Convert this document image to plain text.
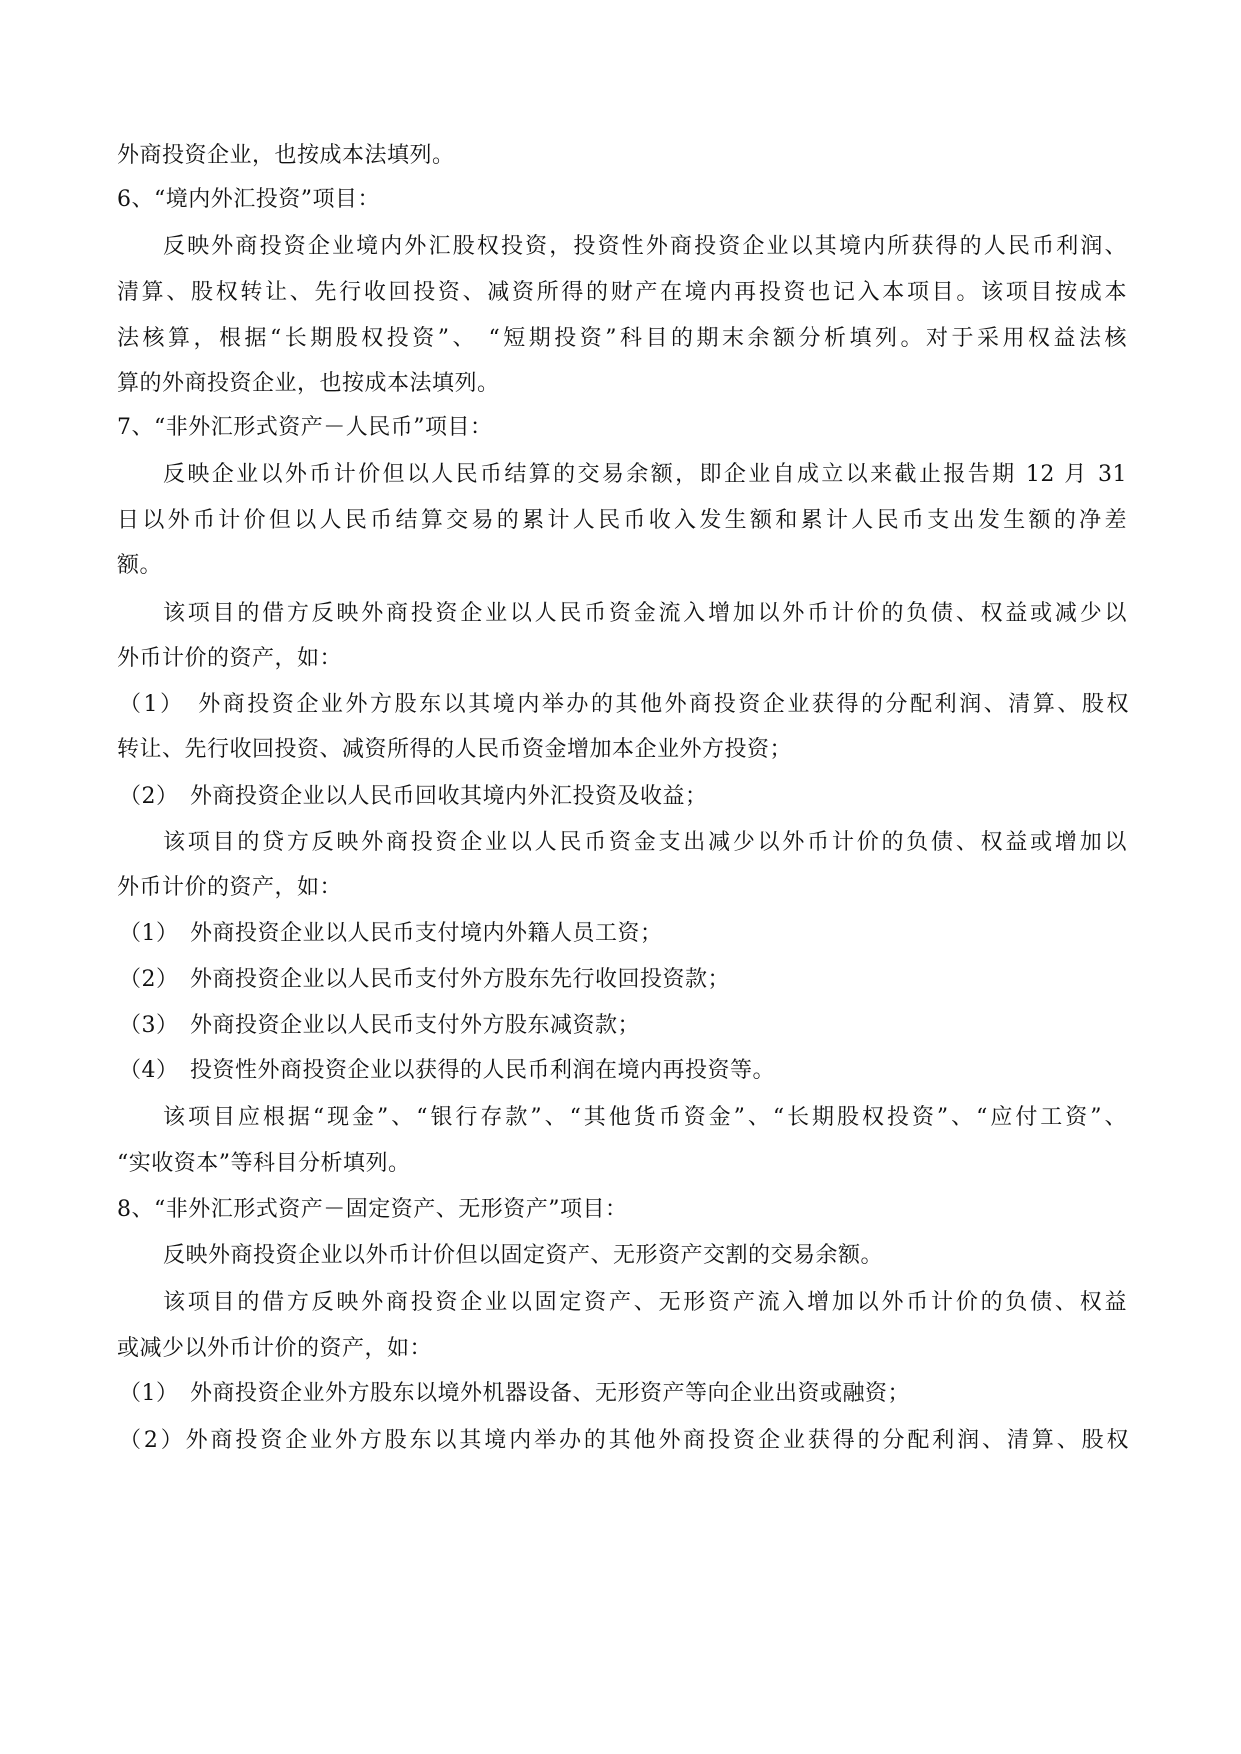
外商投资企业，也按成本法填列。
6、“境内外汇投资”项目：
反映外商投资企业境内外汇股权投资，投资性外商投资企业以其境内所获得的人民币利润、
清算、股权转让、先行收回投资、减资所得的财产在境内再投资也记入本项目。该项目按成本
法核算，根据“长期股权投资”、 “短期投资”科目的期末余额分析填列。对于采用权益法核
算的外商投资企业，也按成本法填列。
7、“非外汇形式资产－人民币”项目：
反映企业以外币计价但以人民币结算的交易余额，即企业自成立以来截止报告期 12 月 31
日以外币计价但以人民币结算交易的累计人民币收入发生额和累计人民币支出发生额的净差
额。
该项目的借方反映外商投资企业以人民币资金流入增加以外币计价的负债、权益或减少以
外币计价的资产，如：
（1）　外商投资企业外方股东以其境内举办的其他外商投资企业获得的分配利润、清算、股权
转让、先行收回投资、减资所得的人民币资金增加本企业外方投资；
（2）　外商投资企业以人民币回收其境内外汇投资及收益；
该项目的贷方反映外商投资企业以人民币资金支出减少以外币计价的负债、权益或增加以
外币计价的资产，如：
（1）　外商投资企业以人民币支付境内外籍人员工资；
（2）　外商投资企业以人民币支付外方股东先行收回投资款；
（3）　外商投资企业以人民币支付外方股东减资款；
（4）　投资性外商投资企业以获得的人民币利润在境内再投资等。
该项目应根据“现金”、“银行存款”、“其他货币资金”、“长期股权投资”、“应付工资”、
“实收资本”等科目分析填列。
8、“非外汇形式资产－固定资产、无形资产”项目：
反映外商投资企业以外币计价但以固定资产、无形资产交割的交易余额。
该项目的借方反映外商投资企业以固定资产、无形资产流入增加以外币计价的负债、权益
或减少以外币计价的资产，如：
（1）　外商投资企业外方股东以境外机器设备、无形资产等向企业出资或融资；
（2）外商投资企业外方股东以其境内举办的其他外商投资企业获得的分配利润、清算、股权
